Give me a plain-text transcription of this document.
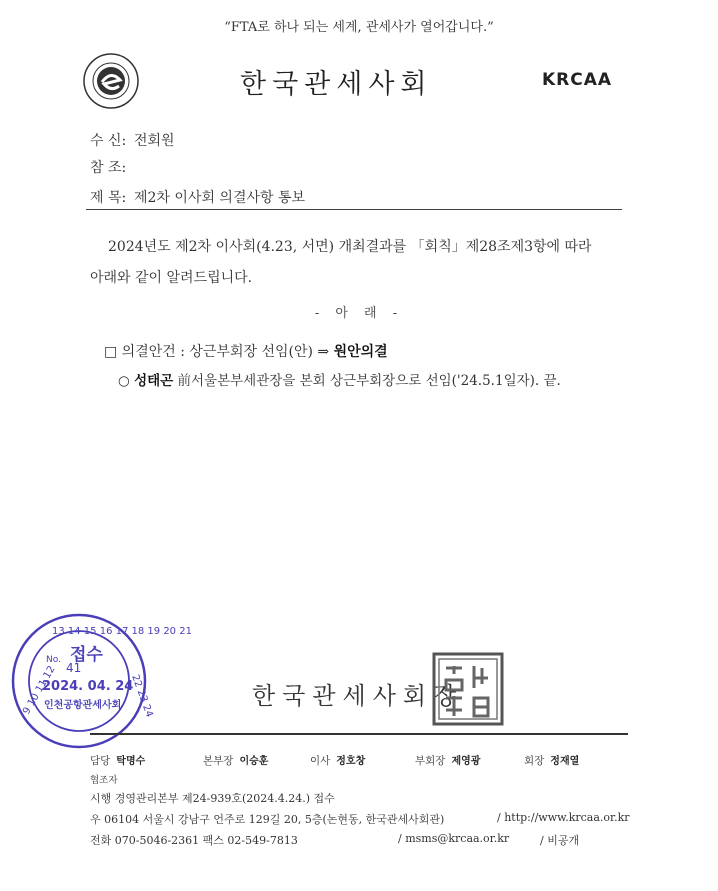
“FTA로 하나 되는 세계, 관세사가 열어갑니다.”
한국관세사회	KRCAA
수 신: 전회원
참 조:
제 목: 제2차 이사회 의결사항 통보
2024년도 제2차 이사회(4.23, 서면) 개최결과를 「회칙」제28조제3항에 따라
아래와 같이 알려드립니다.
- 아 래 -
□ 의결안건 : 상근부회장 선임(안) ⇒ 원안의결
○ 성태곤 前서울본부세관장을 본회 상근부회장으로 선임('24.5.1일자). 끝.
9 10 11 12
13 14 15 16 17 18 19 20 21
22 23 24
No. 접수
41
2024. 04. 24
인천공항관세사회	한국관세사회장
담당 탁명수	본부장 이승훈	이사 정호창	부회장 제영광	회장 정재열
협조자
시행 경영관리본부 제24-939호(2024.4.24.) 접수
우 06104 서울시 강남구 언주로 129길 20, 5층(논현동, 한국관세사회관)	/ http://www.krcaa.or.kr
전화 070-5046-2361 팩스 02-549-7813	/ msms@krcaa.or.kr	/ 비공개
